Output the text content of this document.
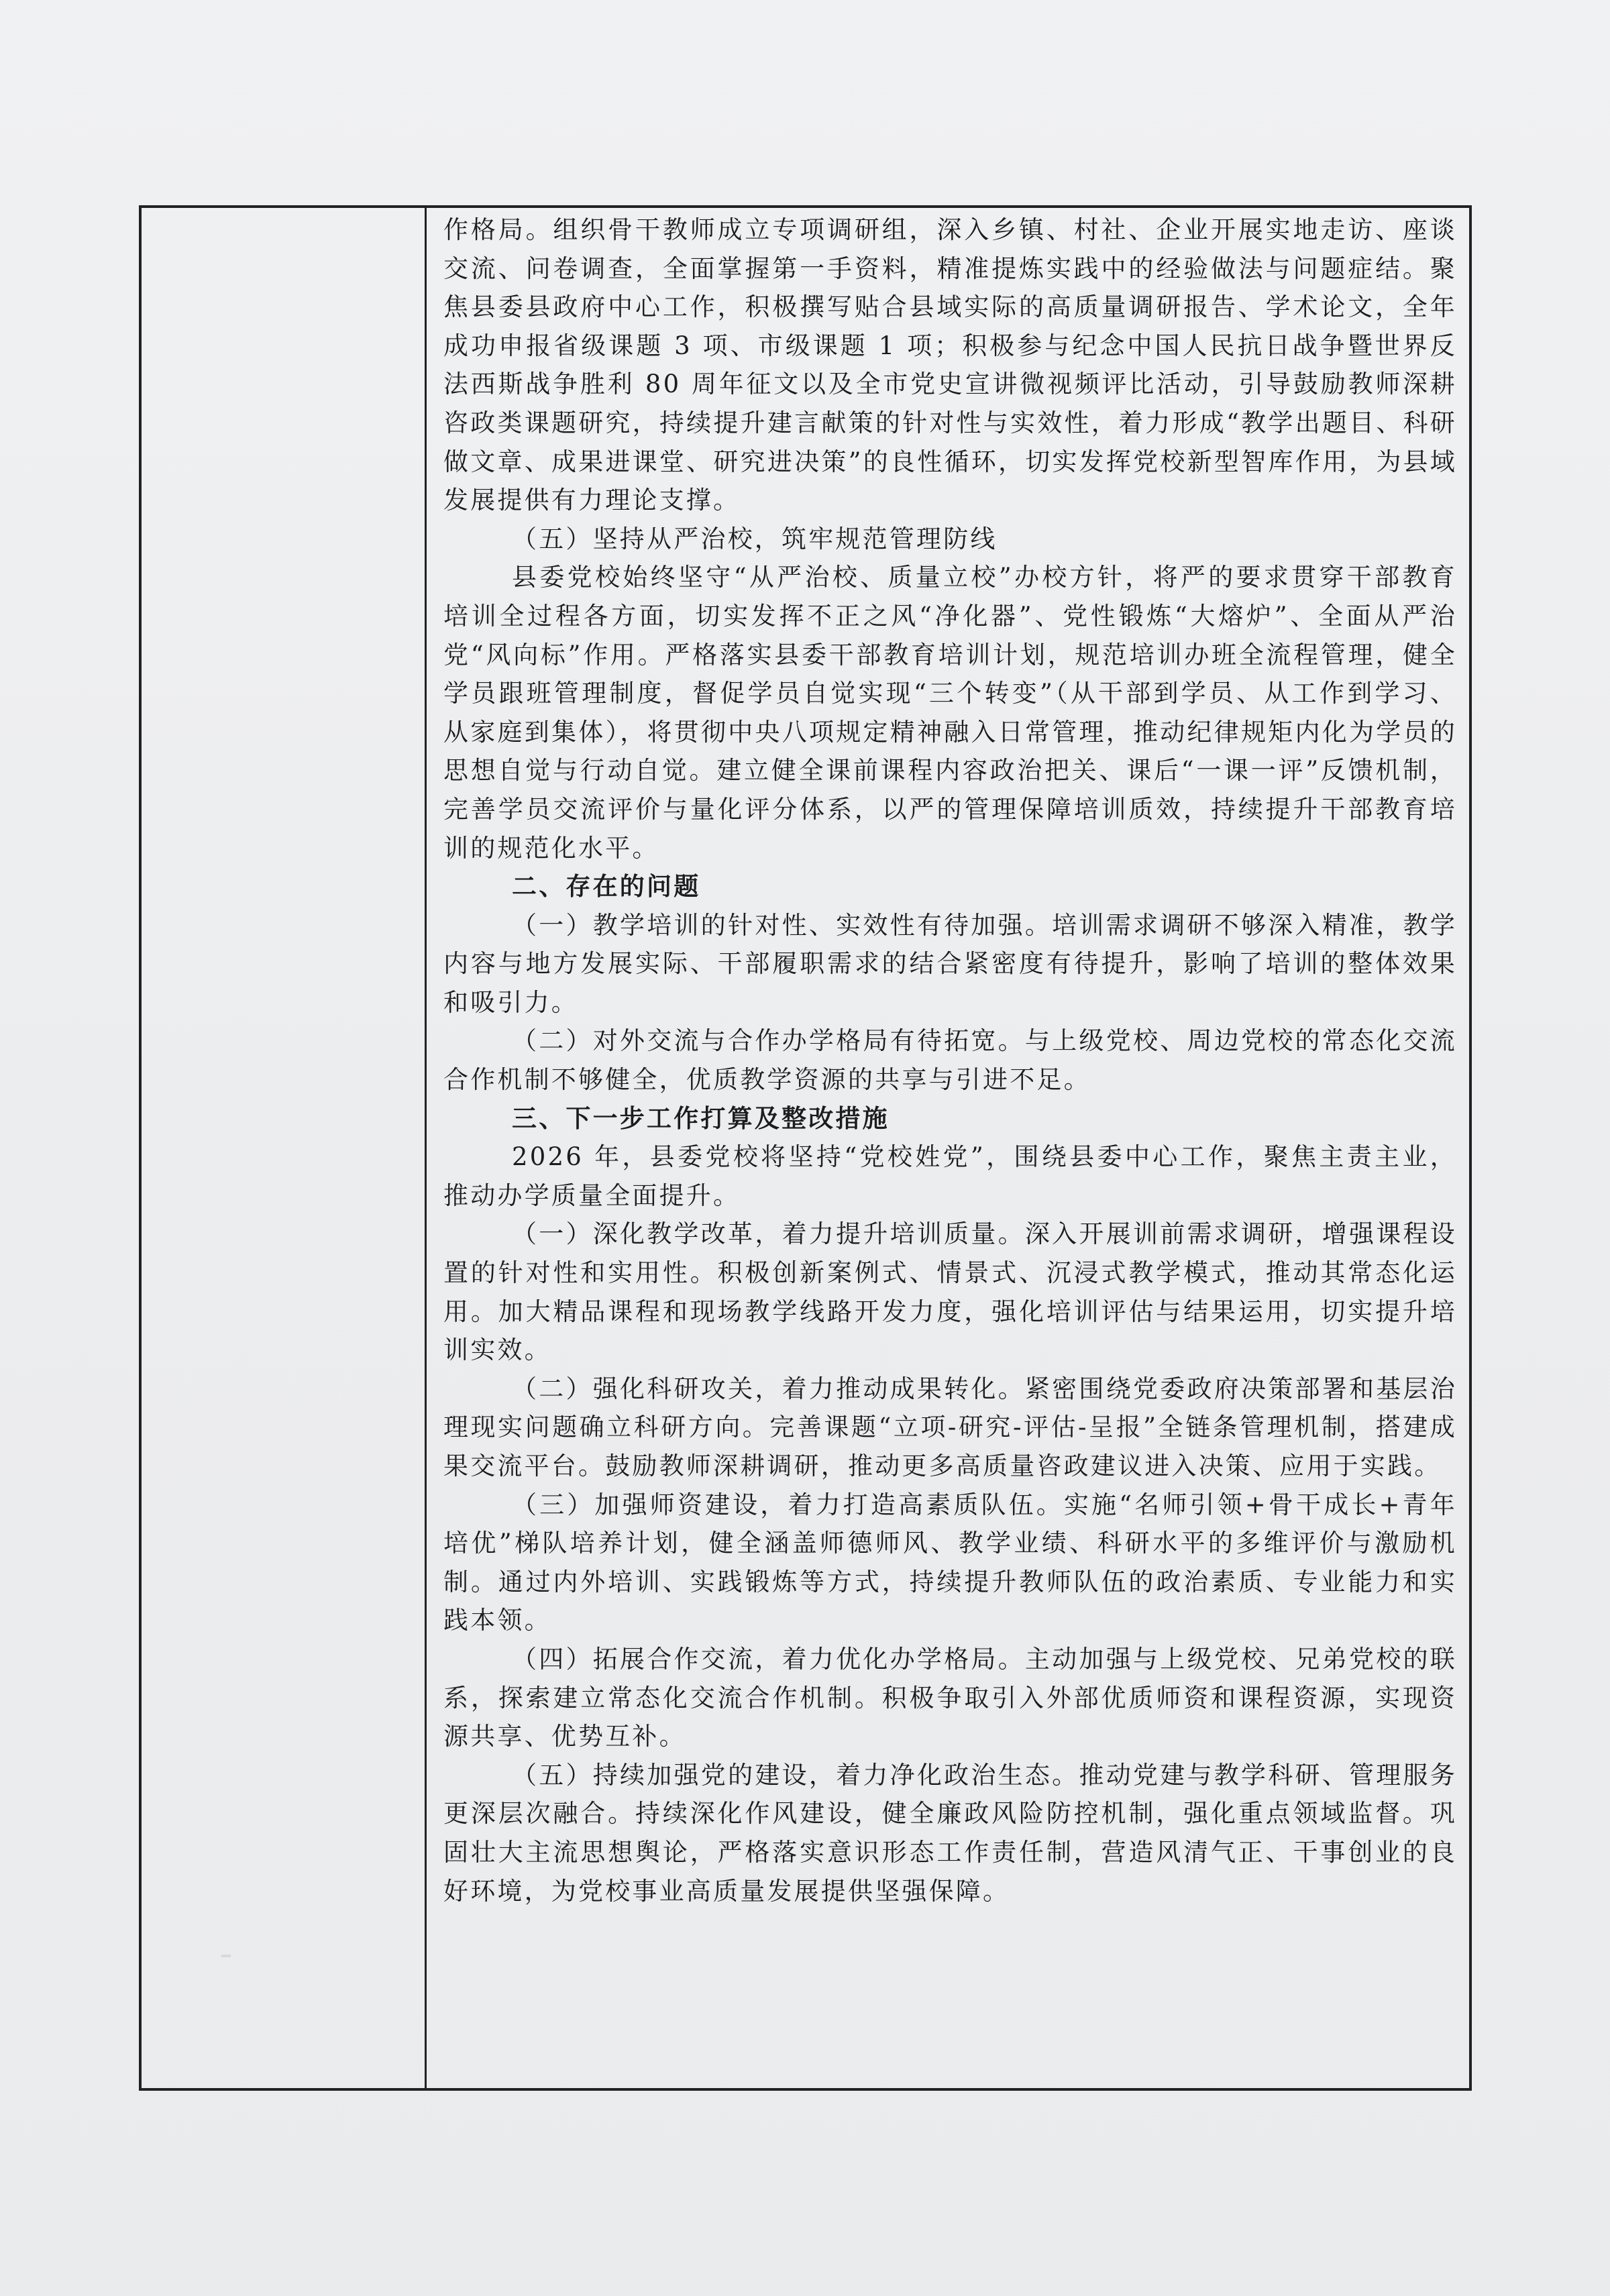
作格局。组织骨干教师成立专项调研组，深入乡镇、村社、企业开展实地走访、座谈交流、问卷调查，全面掌握第一手资料，精准提炼实践中的经验做法与问题症结。聚焦县委县政府中心工作，积极撰写贴合县域实际的高质量调研报告、学术论文，全年成功申报省级课题 3 项、市级课题 1 项；积极参与纪念中国人民抗日战争暨世界反法西斯战争胜利 80 周年征文以及全市党史宣讲微视频评比活动，引导鼓励教师深耕咨政类课题研究，持续提升建言献策的针对性与实效性，着力形成“教学出题目、科研做文章、成果进课堂、研究进决策”的良性循环，切实发挥党校新型智库作用，为县域发展提供有力理论支撑。

（五）坚持从严治校，筑牢规范管理防线

县委党校始终坚守“从严治校、质量立校”办校方针，将严的要求贯穿干部教育培训全过程各方面，切实发挥不正之风“净化器”、党性锻炼“大熔炉”、全面从严治党“风向标”作用。严格落实县委干部教育培训计划，规范培训办班全流程管理，健全学员跟班管理制度，督促学员自觉实现“三个转变”（从干部到学员、从工作到学习、从家庭到集体），将贯彻中央八项规定精神融入日常管理，推动纪律规矩内化为学员的思想自觉与行动自觉。建立健全课前课程内容政治把关、课后“一课一评”反馈机制，完善学员交流评价与量化评分体系，以严的管理保障培训质效，持续提升干部教育培训的规范化水平。

二、存在的问题

（一）教学培训的针对性、实效性有待加强。培训需求调研不够深入精准，教学内容与地方发展实际、干部履职需求的结合紧密度有待提升，影响了培训的整体效果和吸引力。

（二）对外交流与合作办学格局有待拓宽。与上级党校、周边党校的常态化交流合作机制不够健全，优质教学资源的共享与引进不足。

三、下一步工作打算及整改措施

2026 年，县委党校将坚持“党校姓党”，围绕县委中心工作，聚焦主责主业，推动办学质量全面提升。

（一）深化教学改革，着力提升培训质量。深入开展训前需求调研，增强课程设置的针对性和实用性。积极创新案例式、情景式、沉浸式教学模式，推动其常态化运用。加大精品课程和现场教学线路开发力度，强化培训评估与结果运用，切实提升培训实效。

（二）强化科研攻关，着力推动成果转化。紧密围绕党委政府决策部署和基层治理现实问题确立科研方向。完善课题“立项-研究-评估-呈报”全链条管理机制，搭建成果交流平台。鼓励教师深耕调研，推动更多高质量咨政建议进入决策、应用于实践。

（三）加强师资建设，着力打造高素质队伍。实施“名师引领+骨干成长+青年培优”梯队培养计划，健全涵盖师德师风、教学业绩、科研水平的多维评价与激励机制。通过内外培训、实践锻炼等方式，持续提升教师队伍的政治素质、专业能力和实践本领。

（四）拓展合作交流，着力优化办学格局。主动加强与上级党校、兄弟党校的联系，探索建立常态化交流合作机制。积极争取引入外部优质师资和课程资源，实现资源共享、优势互补。

（五）持续加强党的建设，着力净化政治生态。推动党建与教学科研、管理服务更深层次融合。持续深化作风建设，健全廉政风险防控机制，强化重点领域监督。巩固壮大主流思想舆论，严格落实意识形态工作责任制，营造风清气正、干事创业的良好环境，为党校事业高质量发展提供坚强保障。
